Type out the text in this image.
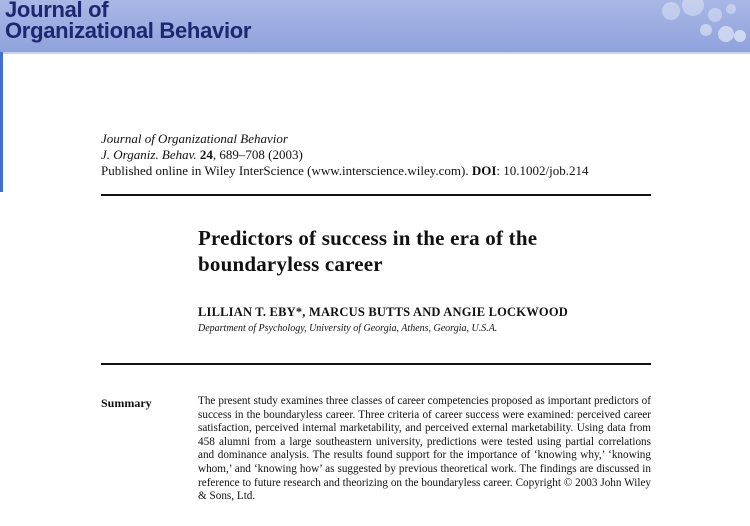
Journal of
Organizational Behavior
Journal of Organizational Behavior
J. Organiz. Behav. 24, 689–708 (2003)
Published online in Wiley InterScience (www.interscience.wiley.com). DOI: 10.1002/job.214
Predictors of success in the era of the boundaryless career
LILLIAN T. EBY*, MARCUS BUTTS AND ANGIE LOCKWOOD
Department of Psychology, University of Georgia, Athens, Georgia, U.S.A.
Summary	The present study examines three classes of career competencies proposed as important predictors of success in the boundaryless career. Three criteria of career success were examined: perceived career satisfaction, perceived internal marketability, and perceived external marketability. Using data from 458 alumni from a large southeastern university, predictions were tested using partial correlations and dominance analysis. The results found support for the importance of ‘knowing why,’ ‘knowing whom,’ and ‘knowing how’ as suggested by previous theoretical work. The findings are discussed in reference to future research and theorizing on the boundaryless career. Copyright © 2003 John Wiley & Sons, Ltd.
